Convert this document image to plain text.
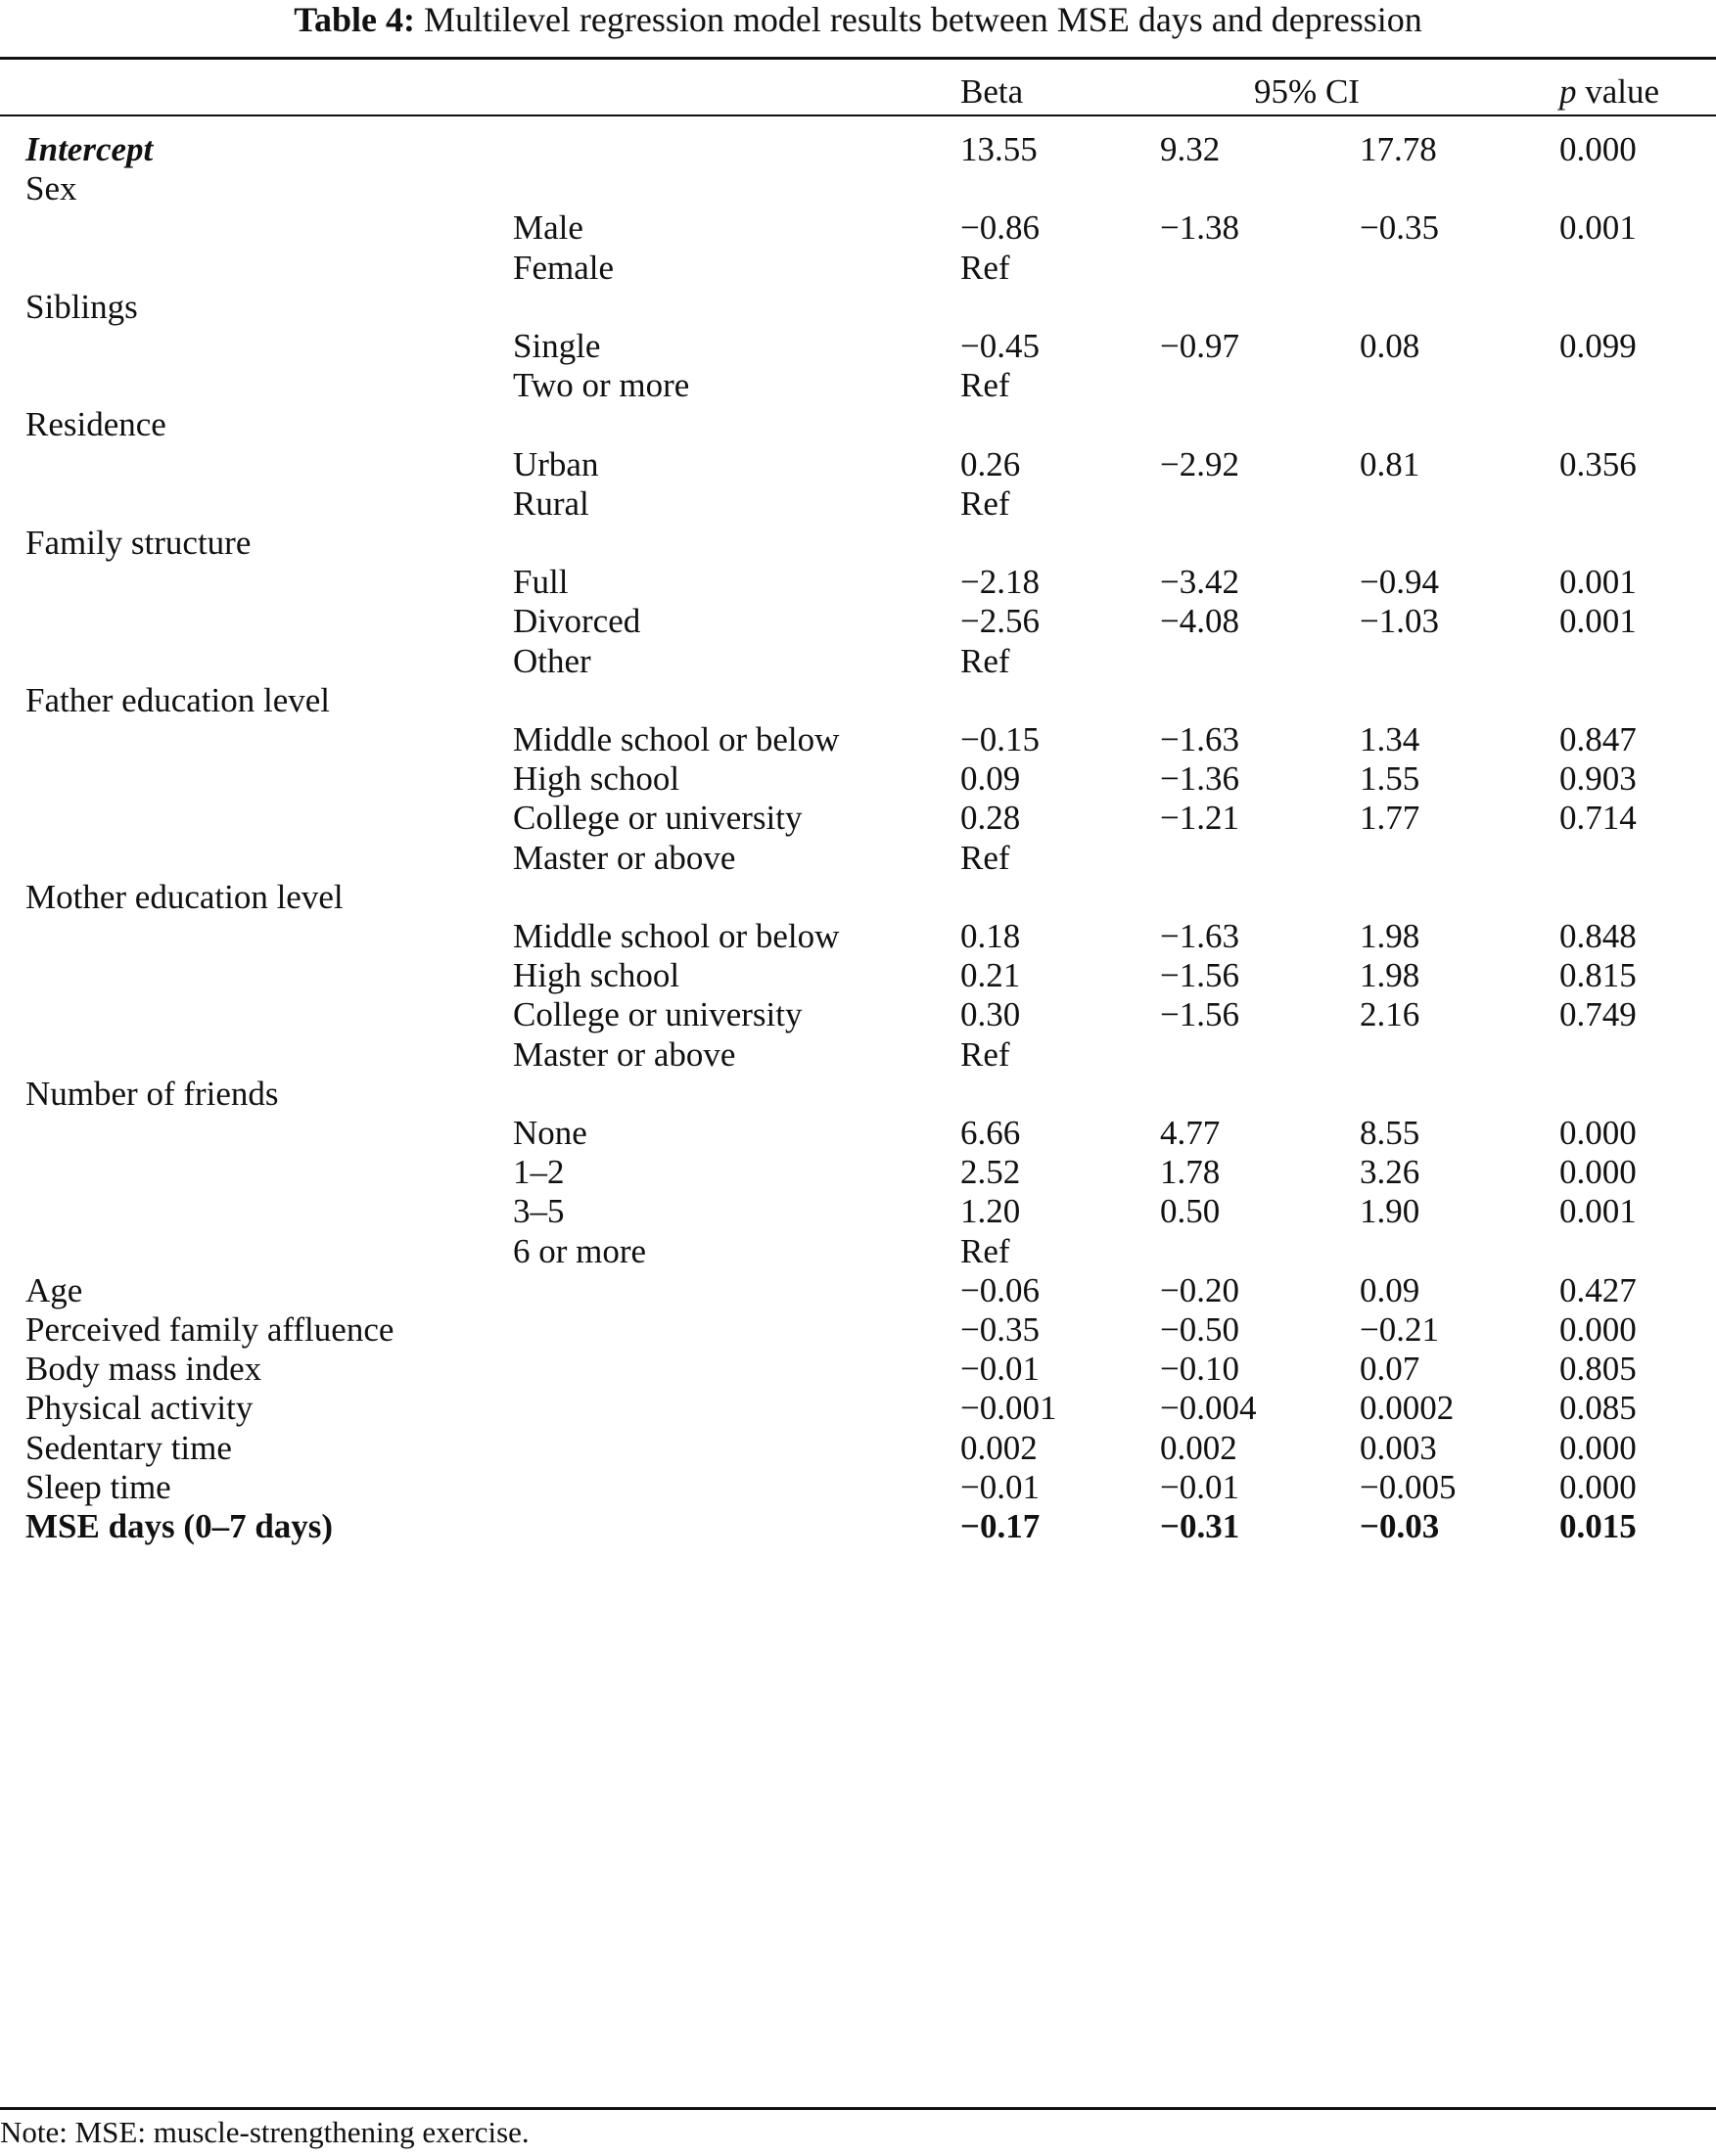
Table 4: Multilevel regression model results between MSE days and depression
Beta	95% CI	p value
Intercept	13.55	9.32	17.78	0.000
Sex
Male	−0.86	−1.38	−0.35	0.001
Female	Ref
Siblings
Single	−0.45	−0.97	0.08	0.099
Two or more	Ref
Residence
Urban	0.26	−2.92	0.81	0.356
Rural	Ref
Family structure
Full	−2.18	−3.42	−0.94	0.001
Divorced	−2.56	−4.08	−1.03	0.001
Other	Ref
Father education level
Middle school or below	−0.15	−1.63	1.34	0.847
High school	0.09	−1.36	1.55	0.903
College or university	0.28	−1.21	1.77	0.714
Master or above	Ref
Mother education level
Middle school or below	0.18	−1.63	1.98	0.848
High school	0.21	−1.56	1.98	0.815
College or university	0.30	−1.56	2.16	0.749
Master or above	Ref
Number of friends
None	6.66	4.77	8.55	0.000
1–2	2.52	1.78	3.26	0.000
3–5	1.20	0.50	1.90	0.001
6 or more	Ref
Age	−0.06	−0.20	0.09	0.427
Perceived family affluence	−0.35	−0.50	−0.21	0.000
Body mass index	−0.01	−0.10	0.07	0.805
Physical activity	−0.001	−0.004	0.0002	0.085
Sedentary time	0.002	0.002	0.003	0.000
Sleep time	−0.01	−0.01	−0.005	0.000
MSE days (0–7 days)	−0.17	−0.31	−0.03	0.015
Note: MSE: muscle-strengthening exercise.
